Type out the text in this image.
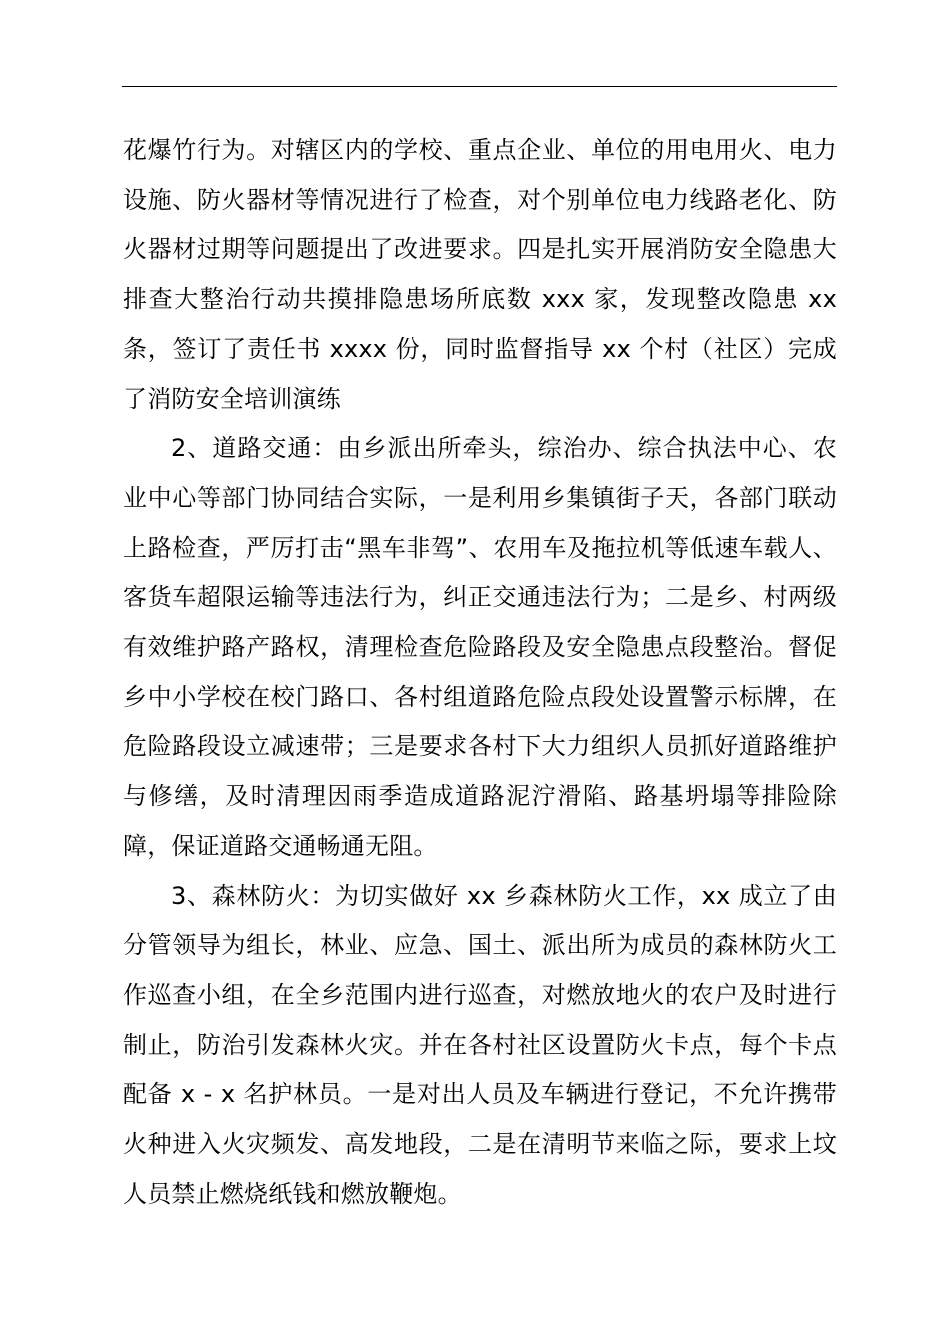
花爆竹行为。对辖区内的学校、重点企业、单位的用电用火、电力设施、防火器材等情况进行了检查，对个别单位电力线路老化、防火器材过期等问题提出了改进要求。四是扎实开展消防安全隐患大排查大整治行动共摸排隐患场所底数 xxx 家，发现整改隐患 xx 条，签订了责任书 xxxx 份，同时监督指导 xx 个村（社区）完成了消防安全培训演练

2、道路交通：由乡派出所牵头，综治办、综合执法中心、农业中心等部门协同结合实际，一是利用乡集镇街子天，各部门联动上路检查，严厉打击“黑车非驾”、农用车及拖拉机等低速车载人、客货车超限运输等违法行为，纠正交通违法行为；二是乡、村两级有效维护路产路权，清理检查危险路段及安全隐患点段整治。督促乡中小学校在校门路口、各村组道路危险点段处设置警示标牌，在危险路段设立减速带；三是要求各村下大力组织人员抓好道路维护与修缮，及时清理因雨季造成道路泥泞滑陷、路基坍塌等排险除障，保证道路交通畅通无阻。

3、森林防火：为切实做好 xx 乡森林防火工作，xx 成立了由分管领导为组长，林业、应急、国土、派出所为成员的森林防火工作巡查小组，在全乡范围内进行巡查，对燃放地火的农户及时进行制止，防治引发森林火灾。并在各村社区设置防火卡点，每个卡点配备 x - x 名护林员。一是对出人员及车辆进行登记，不允许携带火种进入火灾频发、高发地段，二是在清明节来临之际，要求上坟人员禁止燃烧纸钱和燃放鞭炮。
